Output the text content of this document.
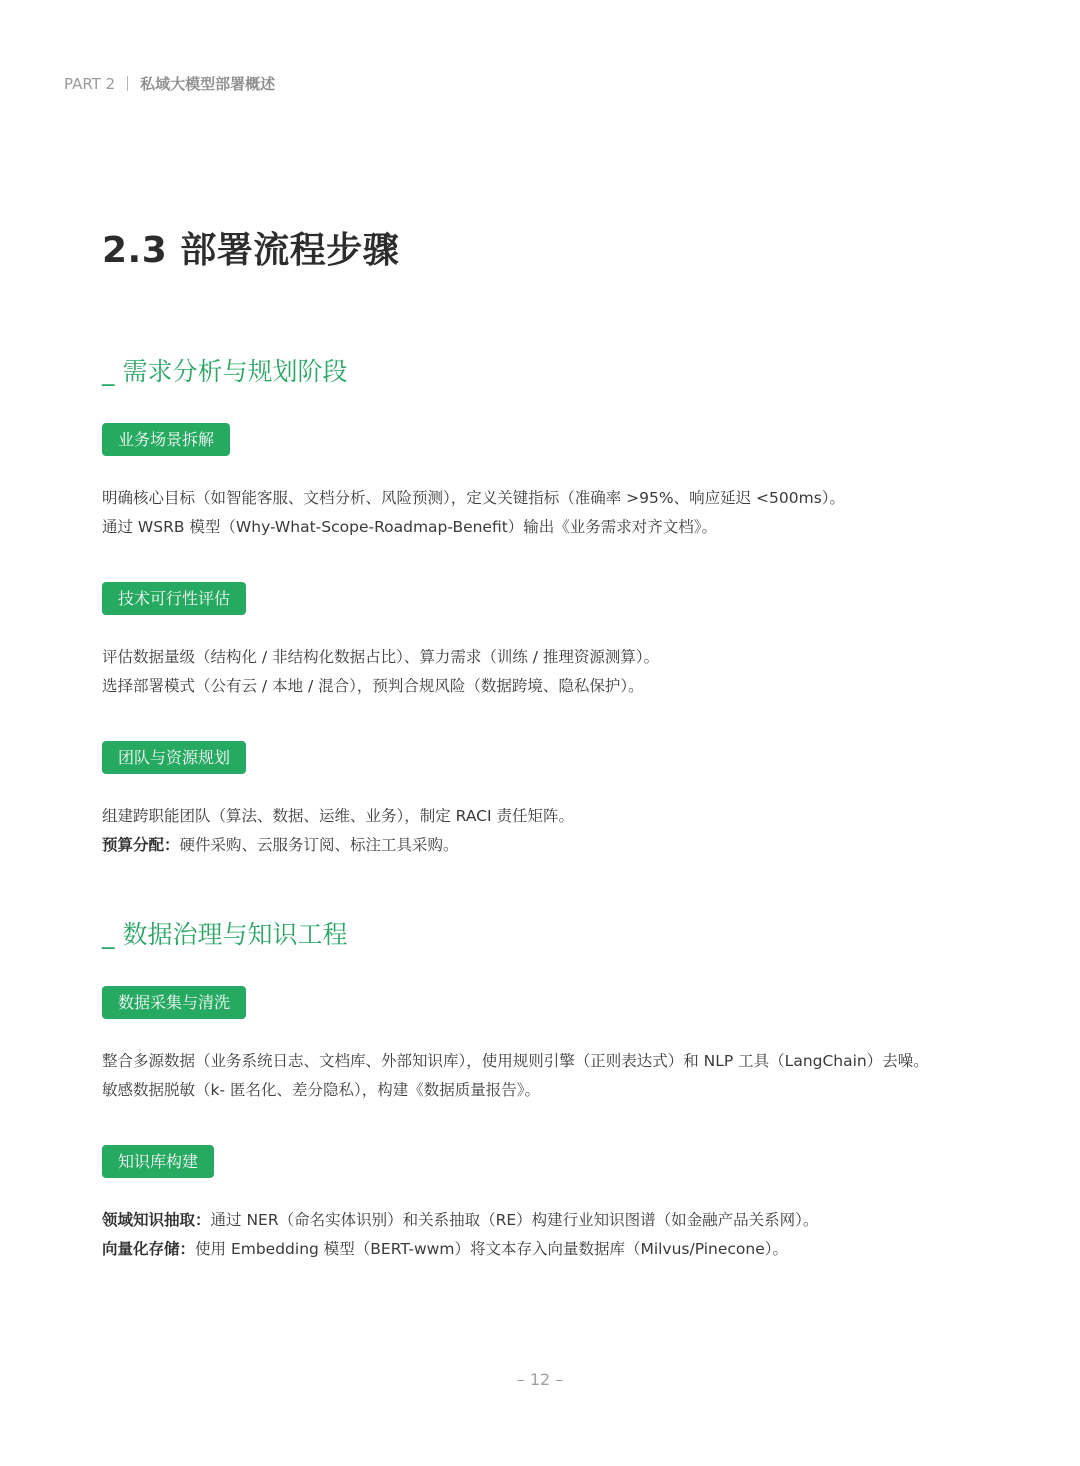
PART 2 私域大模型部署概述
2.3 部署流程步骤
_ 需求分析与规划阶段
业务场景拆解

明确核心目标（如智能客服、文档分析、风险预测），定义关键指标（准确率 >95%、响应延迟 <500ms）。

通过 WSRB 模型（Why-What-Scope-Roadmap-Benefit）输出《业务需求对齐文档》。

技术可行性评估

评估数据量级（结构化 / 非结构化数据占比）、算力需求（训练 / 推理资源测算）。

选择部署模式（公有云 / 本地 / 混合），预判合规风险（数据跨境、隐私保护）。

团队与资源规划

组建跨职能团队（算法、数据、运维、业务），制定 RACI 责任矩阵。

预算分配：硬件采购、云服务订阅、标注工具采购。

_ 数据治理与知识工程
数据采集与清洗

整合多源数据（业务系统日志、文档库、外部知识库），使用规则引擎（正则表达式）和 NLP 工具（LangChain）去噪。

敏感数据脱敏（k- 匿名化、差分隐私），构建《数据质量报告》。

知识库构建

领域知识抽取：通过 NER（命名实体识别）和关系抽取（RE）构建行业知识图谱（如金融产品关系网）。

向量化存储：使用 Embedding 模型（BERT-wwm）将文本存入向量数据库（Milvus/Pinecone）。

– 12 –
